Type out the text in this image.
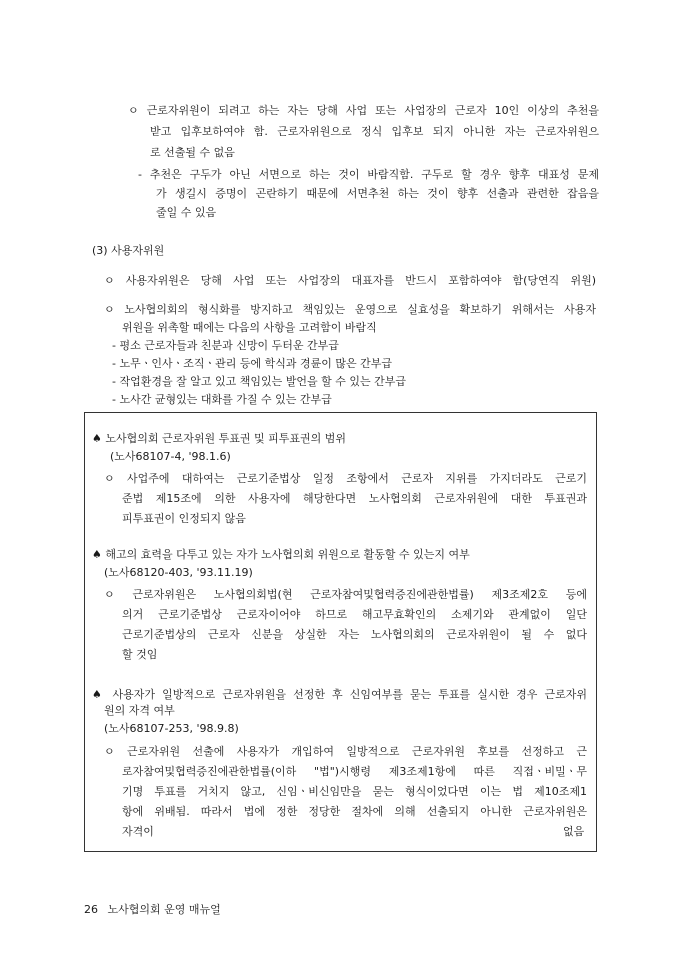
ㅇ 근로자위원이 되려고 하는 자는 당해 사업 또는 사업장의 근로자 10인 이상의 추천을
받고 입후보하여야 함. 근로자위원으로 정식 입후보 되지 아니한 자는 근로자위원으
로 선출될 수 없음
- 추천은 구두가 아닌 서면으로 하는 것이 바람직함. 구두로 할 경우 향후 대표성 문제
가 생길시 증명이 곤란하기 때문에 서면추천 하는 것이 향후 선출과 관련한 잡음을
줄일 수 있음
(3) 사용자위원
ㅇ 사용자위원은 당해 사업 또는 사업장의 대표자를 반드시 포함하여야 함(당연직 위원)
ㅇ 노사협의회의 형식화를 방지하고 책임있는 운영으로 실효성을 확보하기 위해서는 사용자
위원을 위촉할 때에는 다음의 사항을 고려함이 바람직
- 평소 근로자들과 친분과 신망이 두터운 간부급
- 노무ㆍ인사ㆍ조직ㆍ관리 등에 학식과 경륜이 많은 간부급
- 작업환경을 잘 알고 있고 책임있는 발언을 할 수 있는 간부급
- 노사간 균형있는 대화를 가질 수 있는 간부급
♠ 노사협의회 근로자위원 투표권 및 피투표권의 범위
(노사68107-4, '98.1.6)
ㅇ 사업주에 대하여는 근로기준법상 일정 조항에서 근로자 지위를 가지더라도 근로기
준법 제15조에 의한 사용자에 해당한다면 노사협의회 근로자위원에 대한 투표권과
피투표권이 인정되지 않음
♠ 해고의 효력을 다투고 있는 자가 노사협의회 위원으로 활동할 수 있는지 여부
(노사68120-403, '93.11.19)
ㅇ 근로자위원은 노사협의회법(현 근로자참여및협력증진에관한법률) 제3조제2호 등에
의거 근로기준법상 근로자이어야 하므로 해고무효확인의 소제기와 관계없이 일단
근로기준법상의 근로자 신분을 상실한 자는 노사협의회의 근로자위원이 될 수 없다
할 것임
♠ 사용자가 일방적으로 근로자위원을 선정한 후 신임여부를 묻는 투표를 실시한 경우 근로자위
원의 자격 여부
(노사68107-253, '98.9.8)
ㅇ 근로자위원 선출에 사용자가 개입하여 일방적으로 근로자위원 후보를 선정하고 근
로자참여및협력증진에관한법률(이하 "법")시행령 제3조제1항에 따른 직접ㆍ비밀ㆍ무
기명 투표를 거치지 않고, 신임ㆍ비신임만을 묻는 형식이었다면 이는 법 제10조제1
항에 위배됨. 따라서 법에 정한 정당한 절차에 의해 선출되지 아니한 근로자위원은
자격이	없음
26 노사협의회 운영 매뉴얼
